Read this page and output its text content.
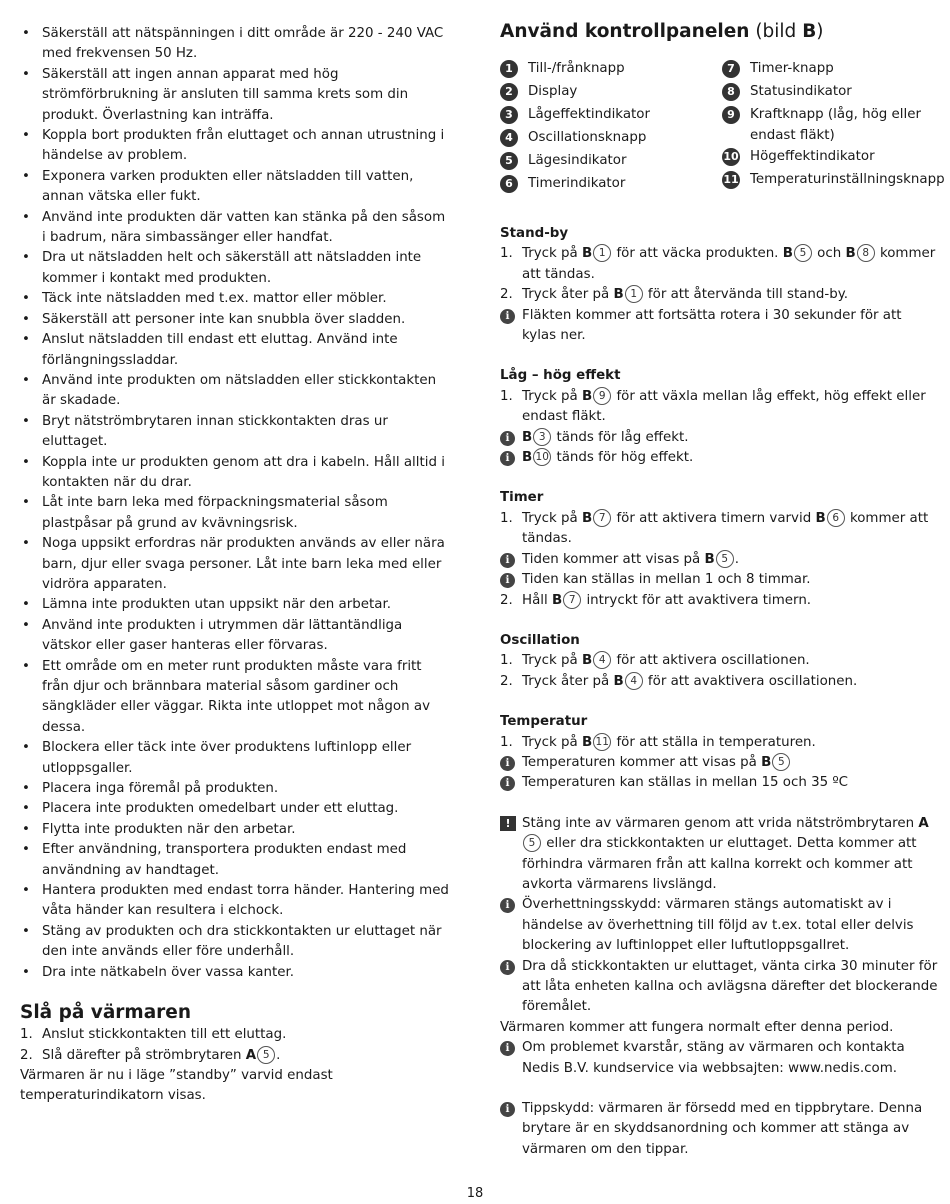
• Säkerställ att nätspänningen i ditt område är 220 - 240 VAC med frekvensen 50 Hz.
• Säkerställ att ingen annan apparat med hög strömförbrukning är ansluten till samma krets som din produkt. Överlastning kan inträffa.
• Koppla bort produkten från eluttaget och annan utrustning i händelse av problem.
• Exponera varken produkten eller nätsladden till vatten, annan vätska eller fukt.
• Använd inte produkten där vatten kan stänka på den såsom i badrum, nära simbassänger eller handfat.
• Dra ut nätsladden helt och säkerställ att nätsladden inte kommer i kontakt med produkten.
• Täck inte nätsladden med t.ex. mattor eller möbler.
• Säkerställ att personer inte kan snubbla över sladden.
• Anslut nätsladden till endast ett eluttag. Använd inte förlängningssladdar.
• Använd inte produkten om nätsladden eller stickkontakten är skadade.
• Bryt nätströmbrytaren innan stickkontakten dras ur eluttaget.
• Koppla inte ur produkten genom att dra i kabeln. Håll alltid i kontakten när du drar.
• Låt inte barn leka med förpackningsmaterial såsom plastpåsar på grund av kvävningsrisk.
• Noga uppsikt erfordras när produkten används av eller nära barn, djur eller svaga personer. Låt inte barn leka med eller vidröra apparaten.
• Lämna inte produkten utan uppsikt när den arbetar.
• Använd inte produkten i utrymmen där lättantändliga vätskor eller gaser hanteras eller förvaras.
• Ett område om en meter runt produkten måste vara fritt från djur och brännbara material såsom gardiner och sängkläder eller väggar. Rikta inte utloppet mot någon av dessa.
• Blockera eller täck inte över produktens luftinlopp eller utloppsgaller.
• Placera inga föremål på produkten.
• Placera inte produkten omedelbart under ett eluttag.
• Flytta inte produkten när den arbetar.
• Efter användning, transportera produkten endast med användning av handtaget.
• Hantera produkten med endast torra händer. Hantering med våta händer kan resultera i elchock.
• Stäng av produkten och dra stickkontakten ur eluttaget när den inte används eller före underhåll.
• Dra inte nätkabeln över vassa kanter.
Slå på värmaren
1. Anslut stickkontakten till ett eluttag.
2. Slå därefter på strömbrytaren A 5 .
Värmaren är nu i läge ”standby” varvid endast temperaturindikatorn visas.
Använd kontrollpanelen (bild B)
1	Till-/frånknapp
2	Display
3	Lågeffektindikator
4	Oscillationsknapp
5	Lägesindikator
6	Timerindikator
7	Timer-knapp
8	Statusindikator
9	Kraftknapp (låg, hög eller
endast fläkt)
10 Högeffektindikator
11 Temperaturinställningsknapp
Stand-by
1. Tryck på B 1 för att väcka produkten. B 5 och B 8 kommer att tändas.
2. Tryck åter på B 1 för att återvända till stand-by.
i Fläkten kommer att fortsätta rotera i 30 sekunder för att kylas ner.
Låg – hög effekt
1. Tryck på B 9 för att växla mellan låg effekt, hög effekt eller endast fläkt.
i B 3 tänds för låg effekt.
i B 10 tänds för hög effekt.
Timer
1. Tryck på B 7 för att aktivera timern varvid B 6 kommer att tändas.
i Tiden kommer att visas på B 5 .
i Tiden kan ställas in mellan 1 och 8 timmar.
2. Håll B 7 intryckt för att avaktivera timern.
Oscillation
1. Tryck på B 4 för att aktivera oscillationen.
2. Tryck åter på B 4 för att avaktivera oscillationen.
Temperatur
1. Tryck på B 11 för att ställa in temperaturen.
i Temperaturen kommer att visas på B 5
i Temperaturen kan ställas in mellan 15 och 35 ºC
!
Stäng inte av värmaren genom att vrida nätströmbrytaren A5 eller dra stickkontakten ur eluttaget. Detta kommer att förhindra värmaren från att kallna korrekt och kommer att avkorta värmarens livslängd.
i Överhettningsskydd: värmaren stängs automatiskt av i händelse av överhettning till följd av t.ex. total eller delvis blockering av luftinloppet eller luftutloppsgallret.
i Dra då stickkontakten ur eluttaget, vänta cirka 30 minuter för att låta enheten kallna och avlägsna därefter det blockerande föremålet.
Värmaren kommer att fungera normalt efter denna period.
i Om problemet kvarstår, stäng av värmaren och kontakta Nedis B.V. kundservice via webbsajten: www.nedis.com.
i Tippskydd: värmaren är försedd med en tippbrytare. Denna brytare är en skyddsanordning och kommer att stänga av värmaren om den tippar.
18
